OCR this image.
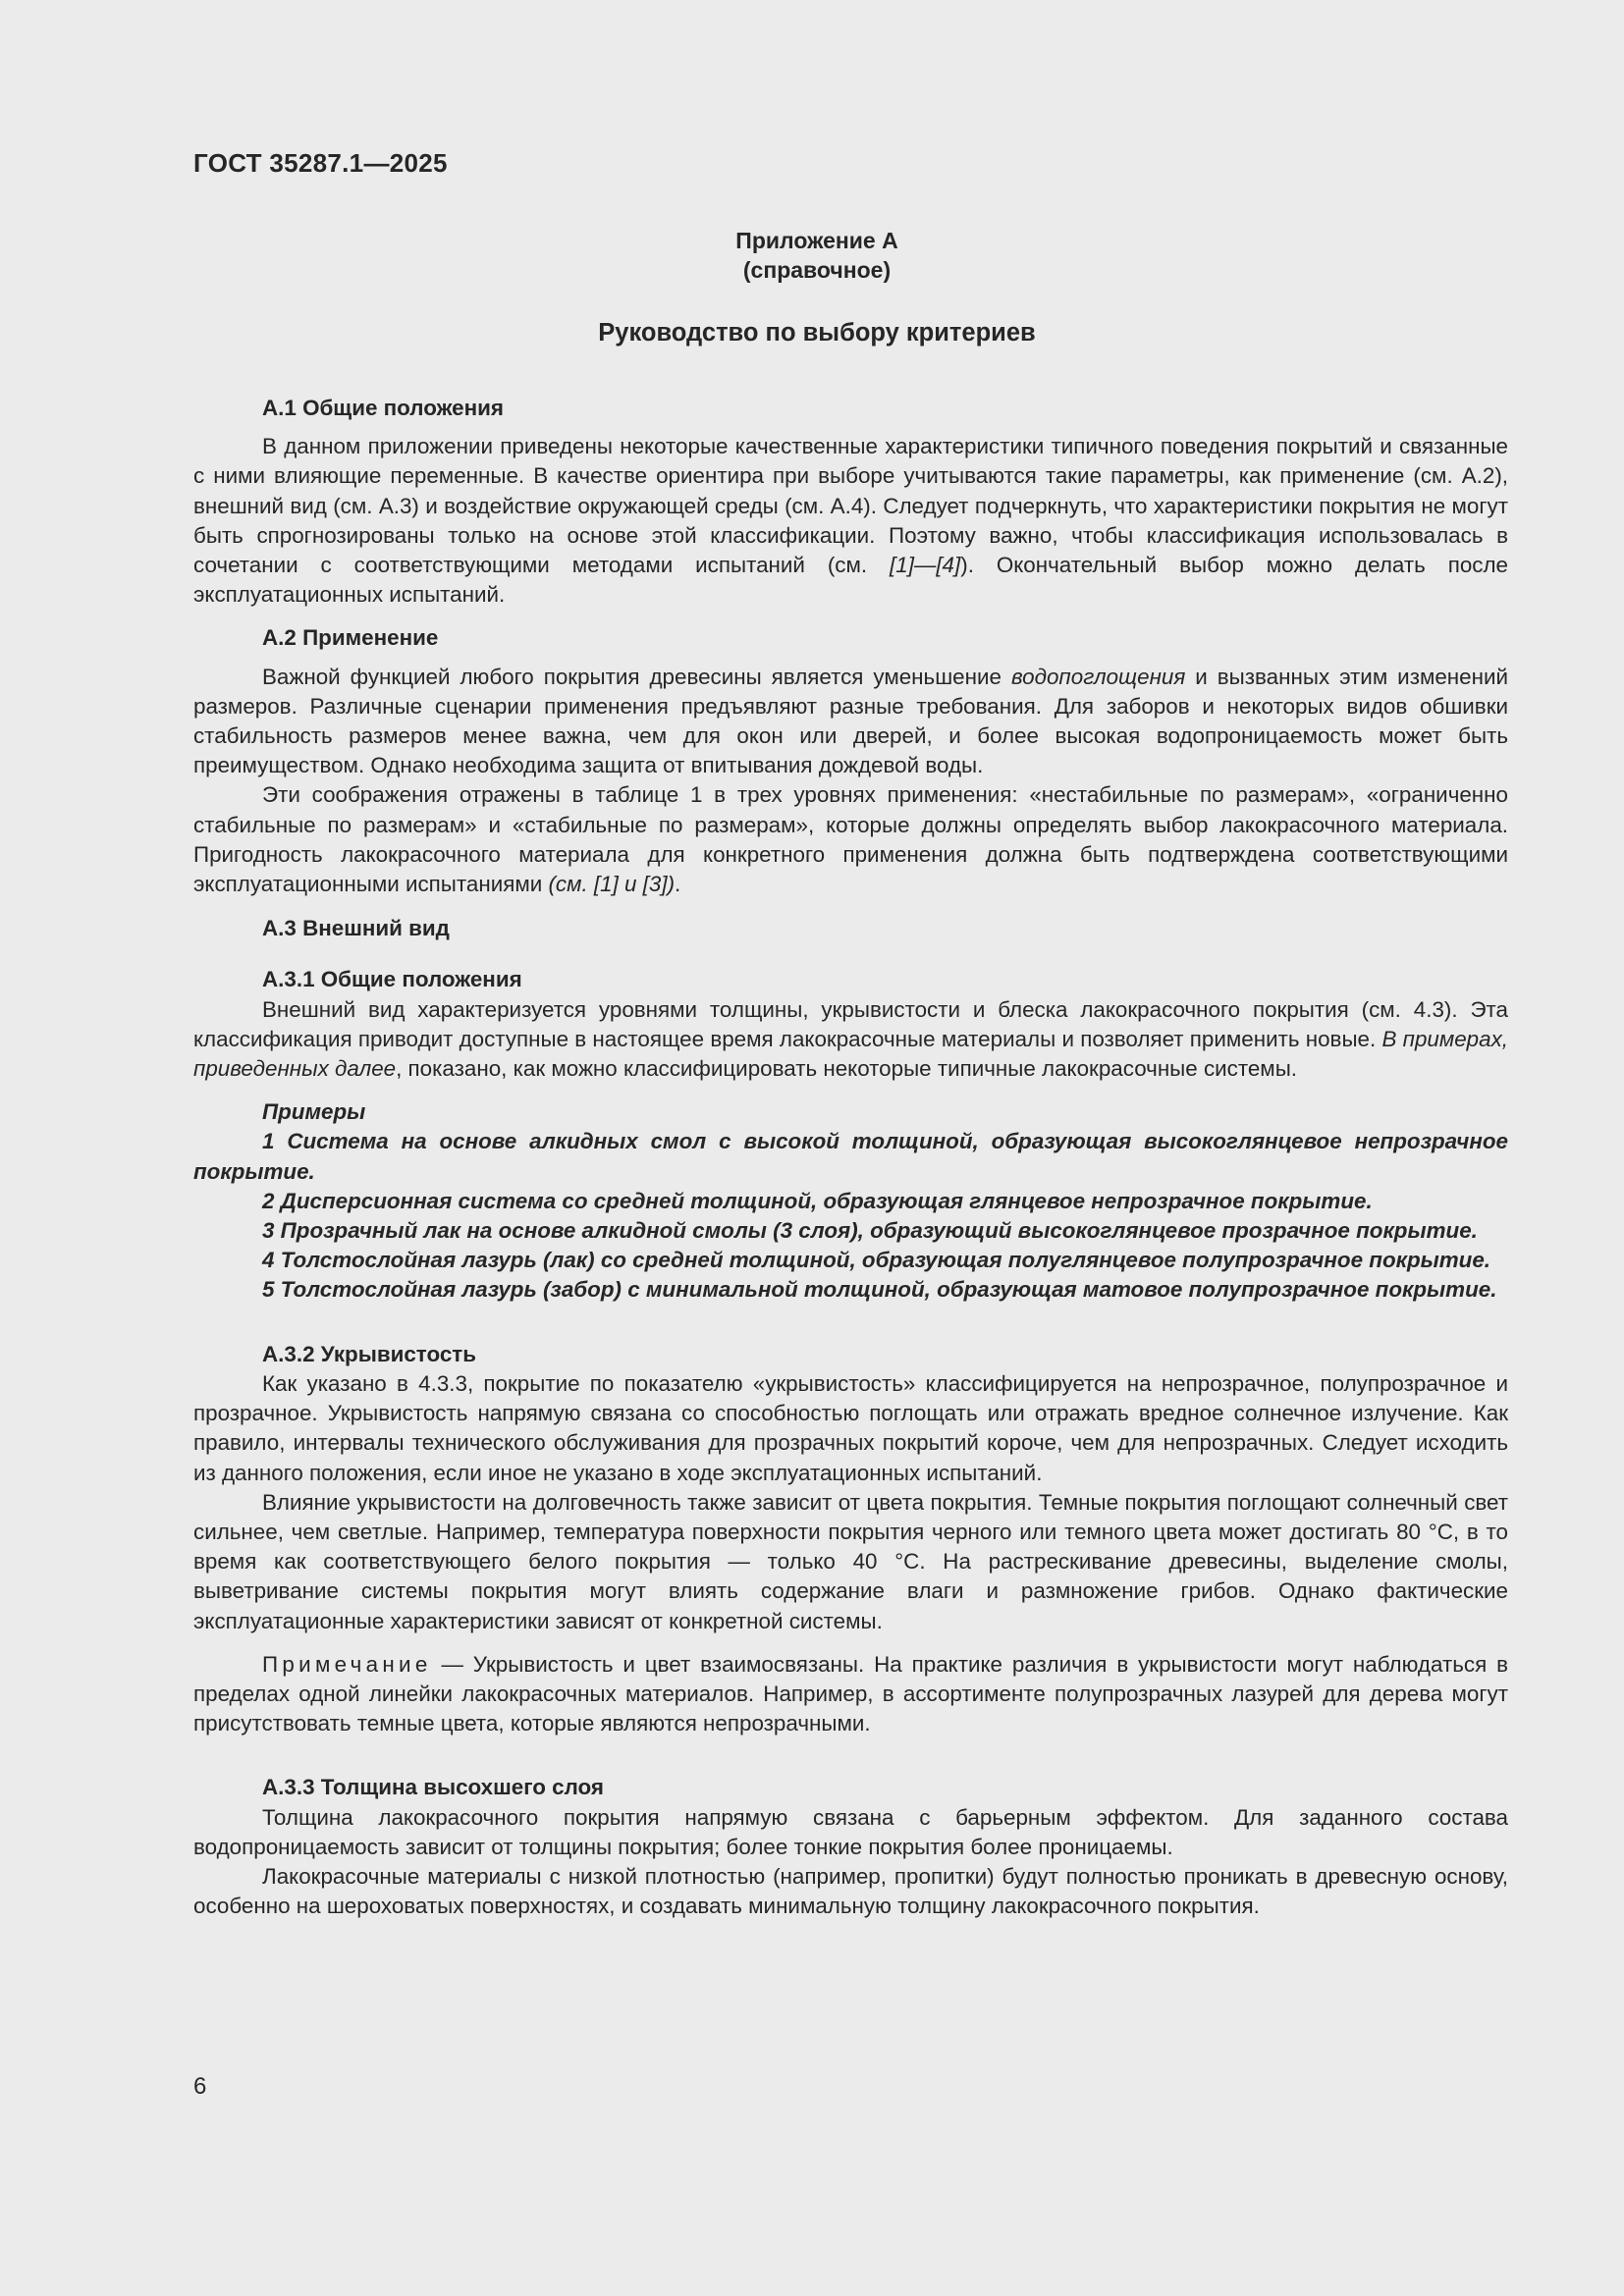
ГОСТ 35287.1—2025
Приложение А
(справочное)
Руководство по выбору критериев

А.1 Общие положения

В данном приложении приведены некоторые качественные характеристики типичного поведения покрытий и связанные с ними влияющие переменные. В качестве ориентира при выборе учитываются такие параметры, как применение (см. А.2), внешний вид (см. А.3) и воздействие окружающей среды (см. А.4). Следует подчеркнуть, что характеристики покрытия не могут быть спрогнозированы только на основе этой классификации. Поэтому важно, чтобы классификация использовалась в сочетании с соответствующими методами испытаний (см. [1]—[4]). Окончательный выбор можно делать после эксплуатационных испытаний.

А.2 Применение

Важной функцией любого покрытия древесины является уменьшение водопоглощения и вызванных этим изменений размеров. Различные сценарии применения предъявляют разные требования. Для заборов и некоторых видов обшивки стабильность размеров менее важна, чем для окон или дверей, и более высокая водопроницаемость может быть преимуществом. Однако необходима защита от впитывания дождевой воды.

Эти соображения отражены в таблице 1 в трех уровнях применения: «нестабильные по размерам», «ограниченно стабильные по размерам» и «стабильные по размерам», которые должны определять выбор лакокрасочного материала. Пригодность лакокрасочного материала для конкретного применения должна быть подтверждена соответствующими эксплуатационными испытаниями (см. [1] и [3]).

А.3 Внешний вид

А.3.1 Общие положения

Внешний вид характеризуется уровнями толщины, укрывистости и блеска лакокрасочного покрытия (см. 4.3). Эта классификация приводит доступные в настоящее время лакокрасочные материалы и позволяет применить новые. В примерах, приведенных далее, показано, как можно классифицировать некоторые типичные лакокрасочные системы.

Примеры

1 Система на основе алкидных смол с высокой толщиной, образующая высокоглянцевое непрозрачное покрытие.

2 Дисперсионная система со средней толщиной, образующая глянцевое непрозрачное покрытие.

3 Прозрачный лак на основе алкидной смолы (3 слоя), образующий высокоглянцевое прозрачное покрытие.

4 Толстослойная лазурь (лак) со средней толщиной, образующая полуглянцевое полупрозрачное покрытие.

5 Толстослойная лазурь (забор) с минимальной толщиной, образующая матовое полупрозрачное покрытие.

А.3.2 Укрывистость

Как указано в 4.3.3, покрытие по показателю «укрывистость» классифицируется на непрозрачное, полупрозрачное и прозрачное. Укрывистость напрямую связана со способностью поглощать или отражать вредное солнечное излучение. Как правило, интервалы технического обслуживания для прозрачных покрытий короче, чем для непрозрачных. Следует исходить из данного положения, если иное не указано в ходе эксплуатационных испытаний.

Влияние укрывистости на долговечность также зависит от цвета покрытия. Темные покрытия поглощают солнечный свет сильнее, чем светлые. Например, температура поверхности покрытия черного или темного цвета может достигать 80 °C, в то время как соответствующего белого покрытия — только 40 °C. На растрескивание древесины, выделение смолы, выветривание системы покрытия могут влиять содержание влаги и размножение грибов. Однако фактические эксплуатационные характеристики зависят от конкретной системы.

Примечание — Укрывистость и цвет взаимосвязаны. На практике различия в укрывистости могут наблюдаться в пределах одной линейки лакокрасочных материалов. Например, в ассортименте полупрозрачных лазурей для дерева могут присутствовать темные цвета, которые являются непрозрачными.

А.3.3 Толщина высохшего слоя

Толщина лакокрасочного покрытия напрямую связана с барьерным эффектом. Для заданного состава водопроницаемость зависит от толщины покрытия; более тонкие покрытия более проницаемы.

Лакокрасочные материалы с низкой плотностью (например, пропитки) будут полностью проникать в древесную основу, особенно на шероховатых поверхностях, и создавать минимальную толщину лакокрасочного покрытия.

6
